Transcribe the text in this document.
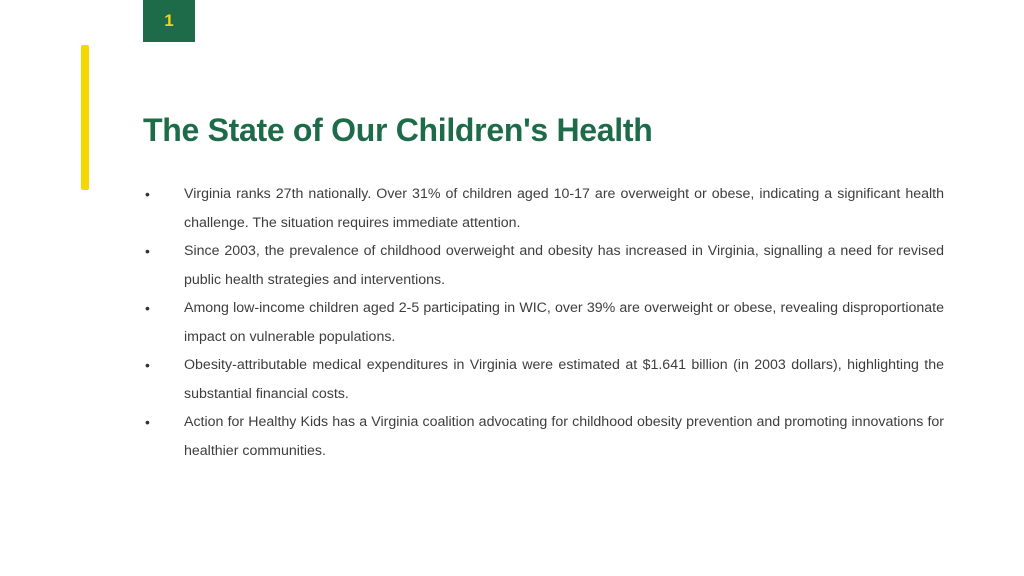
1
The State of Our Children's Health
•	Virginia ranks 27th nationally. Over 31% of children aged 10-17 are overweight or obese, indicating a significant health challenge. The situation requires immediate attention.
•	Since 2003, the prevalence of childhood overweight and obesity has increased in Virginia, signalling a need for revised public health strategies and interventions.
•	Among low-income children aged 2-5 participating in WIC, over 39% are overweight or obese, revealing disproportionate impact on vulnerable populations.
•	Obesity-attributable medical expenditures in Virginia were estimated at $1.641 billion (in 2003 dollars), highlighting the substantial financial costs.
•	Action for Healthy Kids has a Virginia coalition advocating for childhood obesity prevention and promoting innovations for healthier communities.
